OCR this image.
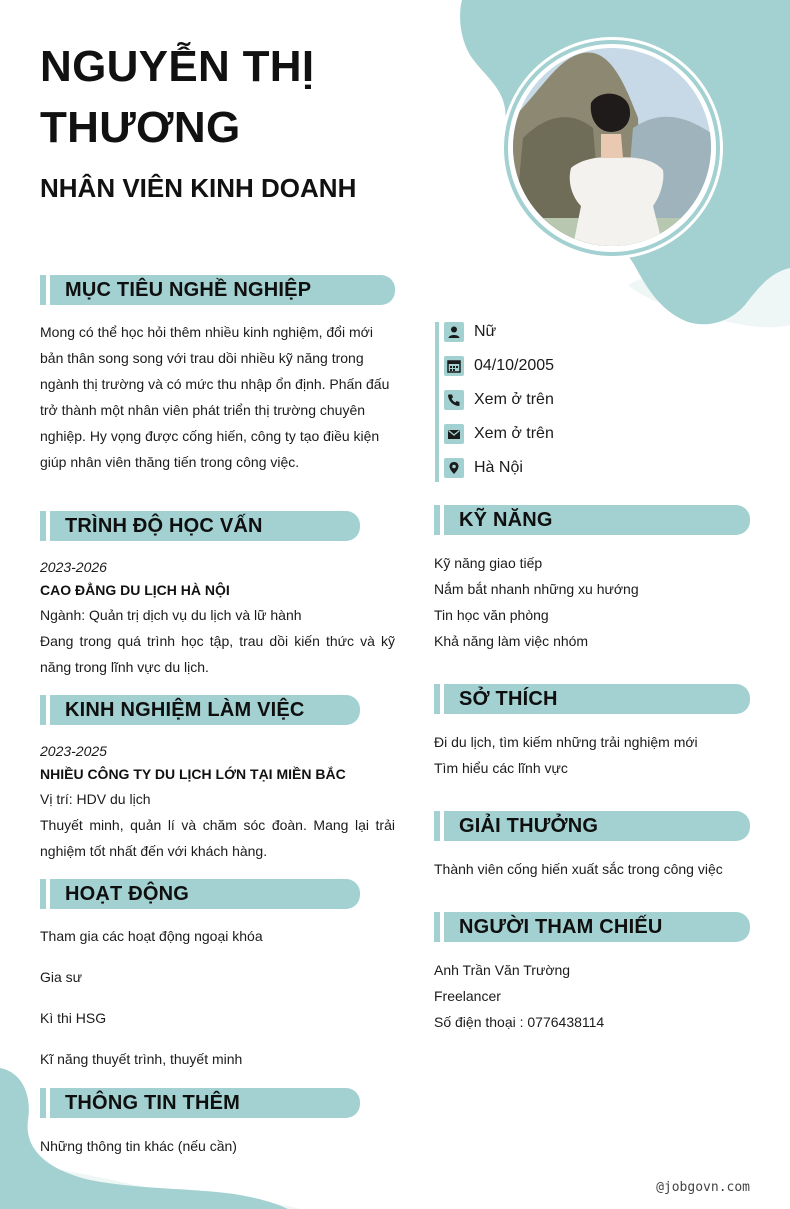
NGUYỄN THỊ
THƯƠNG
NHÂN VIÊN KINH DOANH
MỤC TIÊU NGHỀ NGHIỆP

Mong có thể học hỏi thêm nhiều kinh nghiệm, đổi mới bản thân song song với trau dồi nhiều kỹ năng trong ngành thị trường và có mức thu nhập ổn định. Phấn đấu trở thành một nhân viên phát triển thị trường chuyên nghiệp. Hy vọng được cống hiến, công ty tạo điều kiện giúp nhân viên thăng tiến trong công việc.

TRÌNH ĐỘ HỌC VẤN

2023-2026

CAO ĐẲNG DU LỊCH HÀ NỘI

Ngành: Quản trị dịch vụ du lịch và lữ hành

Đang trong quá trình học tập, trau dồi kiến thức và kỹ năng trong lĩnh vực du lịch.

KINH NGHIỆM LÀM VIỆC

2023-2025

NHIỀU CÔNG TY DU LỊCH LỚN TẠI MIỀN BẮC

Vị trí: HDV du lịch

Thuyết minh, quản lí và chăm sóc đoàn. Mang lại trải nghiệm tốt nhất đến với khách hàng.

HOẠT ĐỘNG
Tham gia các hoạt động ngoại khóa
Gia sư
Kì thi HSG
Kĩ năng thuyết trình, thuyết minh
THÔNG TIN THÊM

Những thông tin khác (nếu cần)

Nữ
04/10/2005
Xem ở trên
Xem ở trên
Hà Nội
KỸ NĂNG
Kỹ năng giao tiếp
Nắm bắt nhanh những xu hướng
Tin học văn phòng
Khả năng làm việc nhóm
SỞ THÍCH
Đi du lịch, tìm kiếm những trải nghiệm mới
Tìm hiểu các lĩnh vực
GIẢI THƯỞNG
Thành viên cống hiến xuất sắc trong công việc
NGƯỜI THAM CHIẾU
Anh Trần Văn Trường
Freelancer
Số điện thoại : 0776438114
@jobgovn.com
